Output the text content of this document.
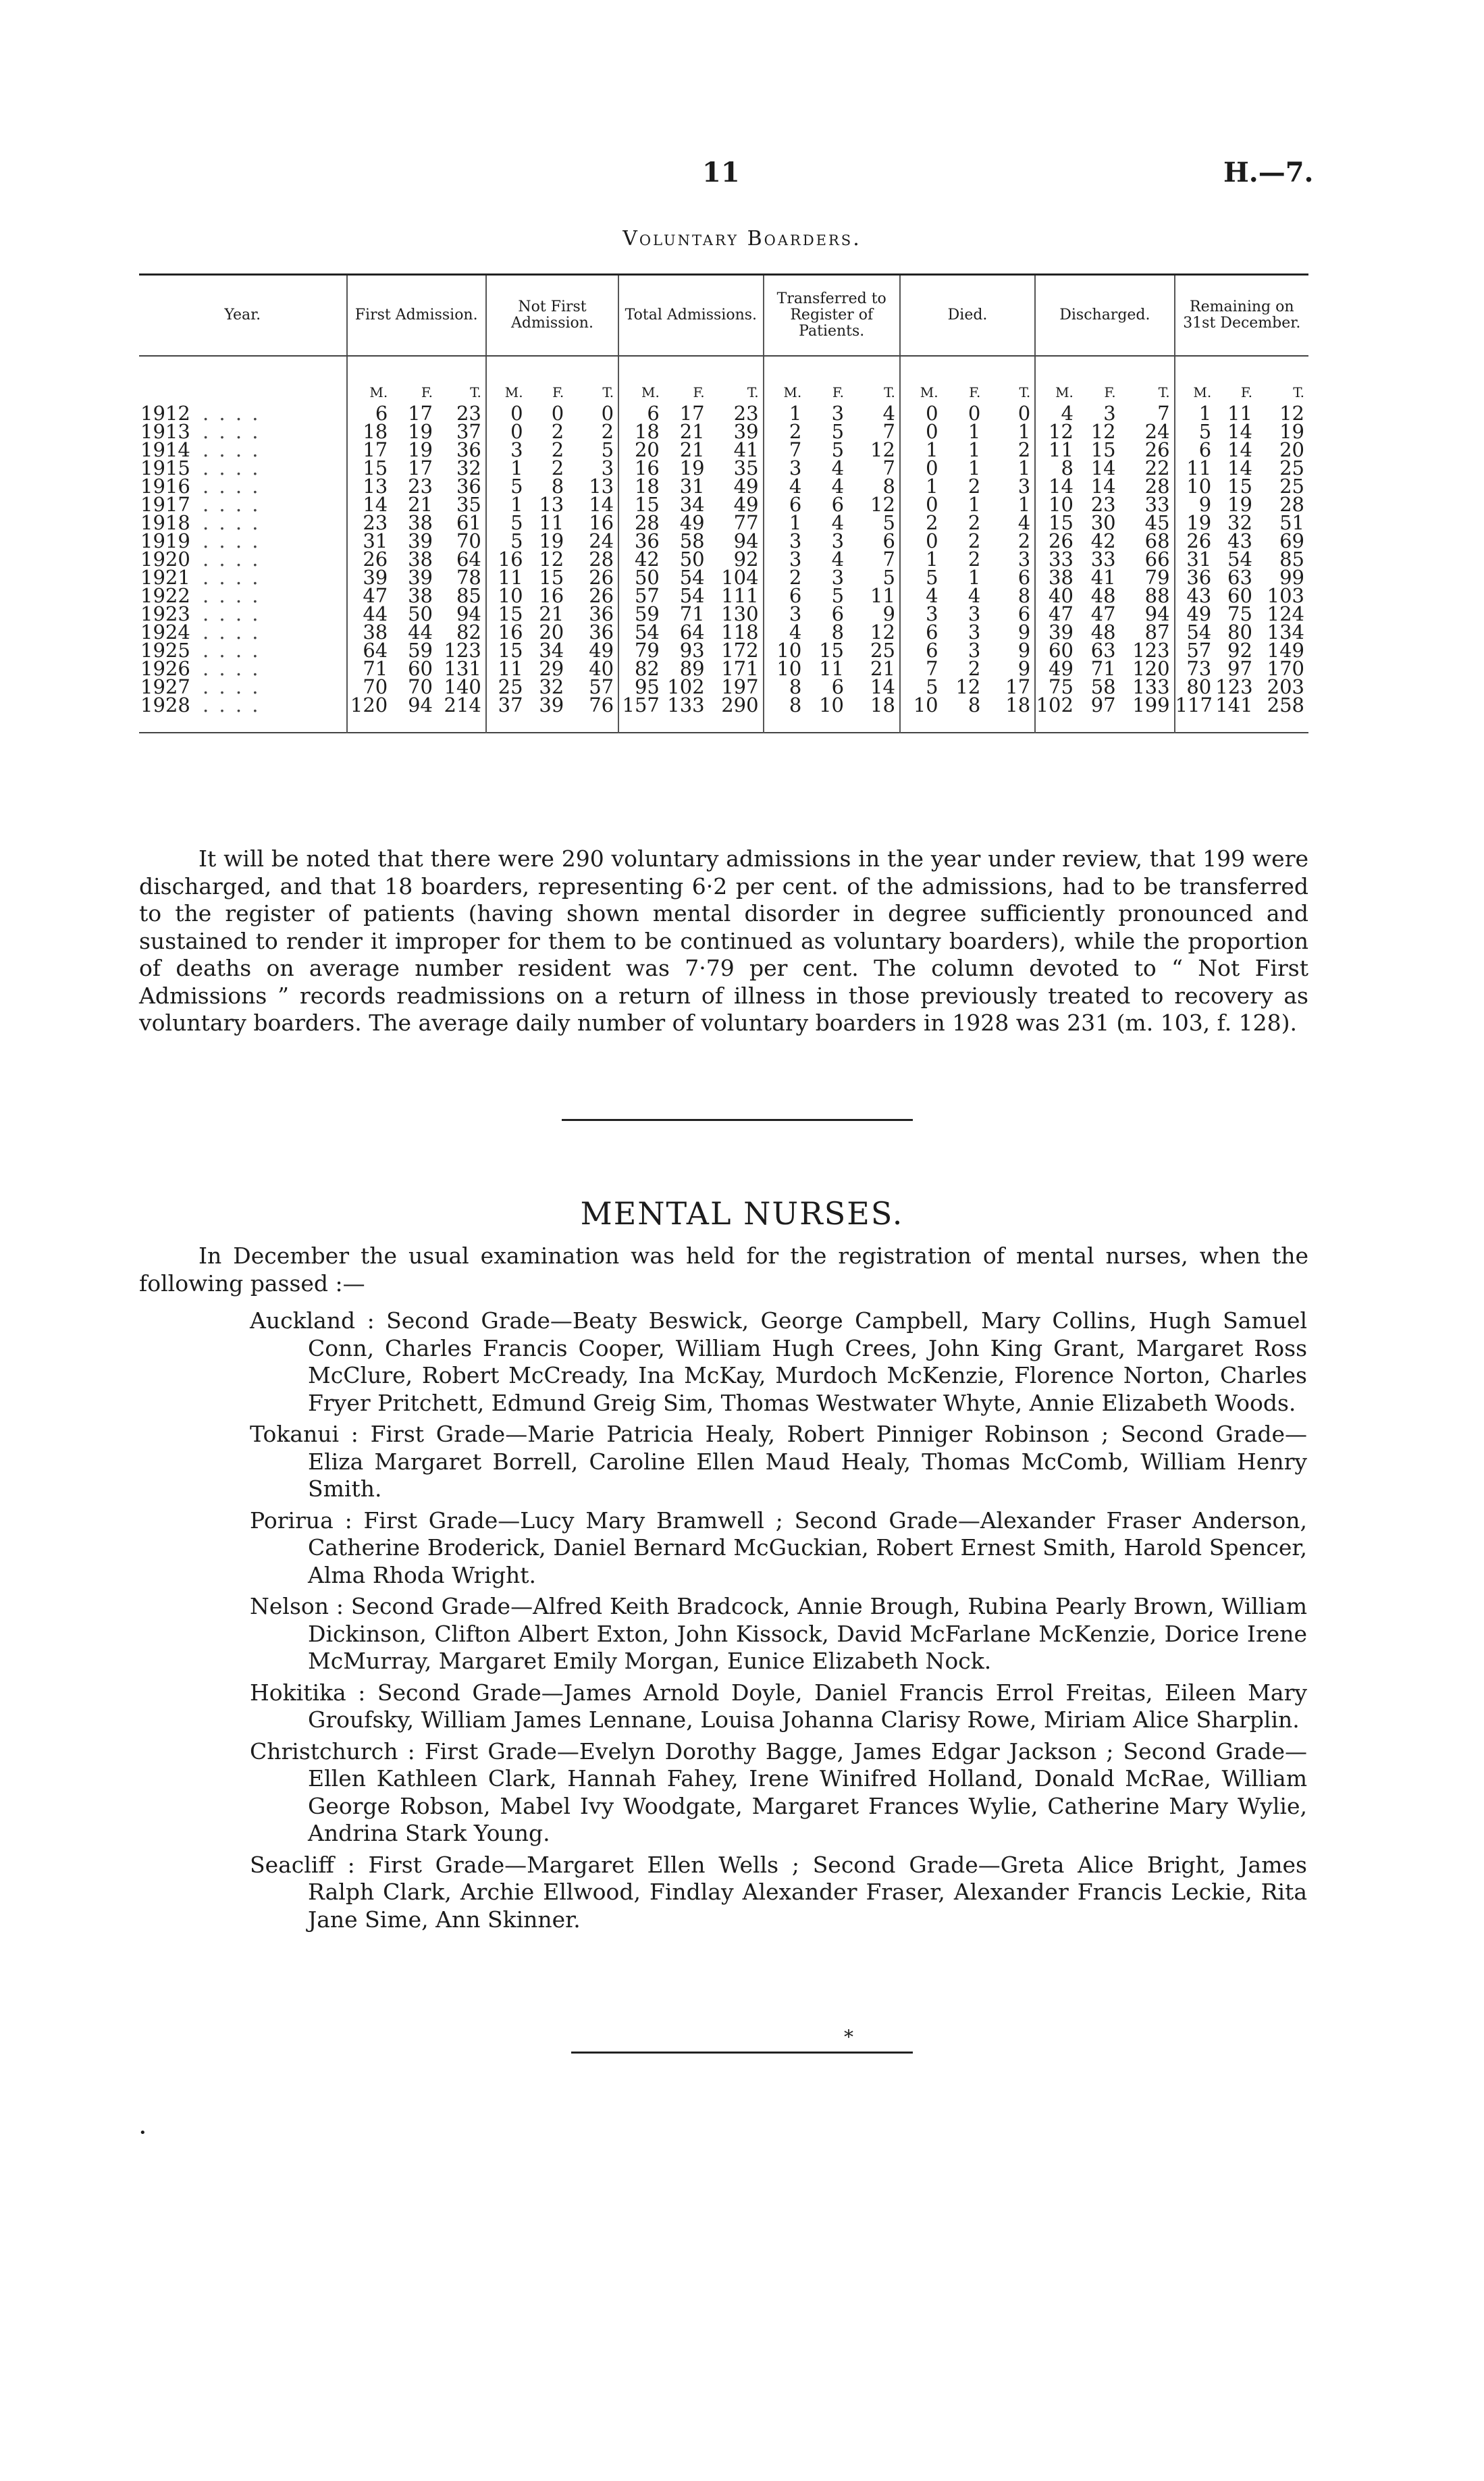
11	H.—7.
Voluntary Boarders.
Year.	First Admission.			Not First Admission.			Total Admissions.			Transferred to Register of Patients.			Died.			Discharged.			Remaining on 31st December.		
	M.	F.	T.	M.	F.	T.	M.	F.	T.	M.	F.	T.	M.	F.	T.	M.	F.	T.	M.	F.	T.
1912 . . . .	6	17	23	0	0	0	6	17	23	1	3	4	0	0	0	4	3	7	1	11	12
1913 . . . .	18	19	37	0	2	2	18	21	39	2	5	7	0	1	1	12	12	24	5	14	19
1914 . . . .	17	19	36	3	2	5	20	21	41	7	5	12	1	1	2	11	15	26	6	14	20
1915 . . . .	15	17	32	1	2	3	16	19	35	3	4	7	0	1	1	8	14	22	11	14	25
1916 . . . .	13	23	36	5	8	13	18	31	49	4	4	8	1	2	3	14	14	28	10	15	25
1917 . . . .	14	21	35	1	13	14	15	34	49	6	6	12	0	1	1	10	23	33	9	19	28
1918 . . . .	23	38	61	5	11	16	28	49	77	1	4	5	2	2	4	15	30	45	19	32	51
1919 . . . .	31	39	70	5	19	24	36	58	94	3	3	6	0	2	2	26	42	68	26	43	69
1920 . . . .	26	38	64	16	12	28	42	50	92	3	4	7	1	2	3	33	33	66	31	54	85
1921 . . . .	39	39	78	11	15	26	50	54	104	2	3	5	5	1	6	38	41	79	36	63	99
1922 . . . .	47	38	85	10	16	26	57	54	111	6	5	11	4	4	8	40	48	88	43	60	103
1923 . . . .	44	50	94	15	21	36	59	71	130	3	6	9	3	3	6	47	47	94	49	75	124
1924 . . . .	38	44	82	16	20	36	54	64	118	4	8	12	6	3	9	39	48	87	54	80	134
1925 . . . .	64	59	123	15	34	49	79	93	172	10	15	25	6	3	9	60	63	123	57	92	149
1926 . . . .	71	60	131	11	29	40	82	89	171	10	11	21	7	2	9	49	71	120	73	97	170
1927 . . . .	70	70	140	25	32	57	95	102	197	8	6	14	5	12	17	75	58	133	80	123	203
1928 . . . .	120	94	214	37	39	76	157	133	290	8	10	18	10	8	18	102	97	199	117	141	258

It will be noted that there were 290 voluntary admissions in the year under review, that 199 were discharged, and that 18 boarders, representing 6·2 per cent. of the admissions, had to be transferred to the register of patients (having shown mental disorder in degree sufficiently pronounced and sustained to render it improper for them to be continued as voluntary boarders), while the proportion of deaths on average number resident was 7·79 per cent. The column devoted to “ Not First Admissions ” records readmissions on a return of illness in those previously treated to recovery as voluntary boarders. The average daily number of voluntary boarders in 1928 was 231 (m. 103, f. 128).

MENTAL NURSES.

In December the usual examination was held for the registration of mental nurses, when the following passed :—

Auckland : Second Grade—Beaty Beswick, George Campbell, Mary Collins, Hugh Samuel Conn, Charles Francis Cooper, William Hugh Crees, John King Grant, Margaret Ross McClure, Robert McCready, Ina McKay, Murdoch McKenzie, Florence Norton, Charles Fryer Pritchett, Edmund Greig Sim, Thomas Westwater Whyte, Annie Elizabeth Woods.

Tokanui : First Grade—Marie Patricia Healy, Robert Pinniger Robinson ; Second Grade—Eliza Margaret Borrell, Caroline Ellen Maud Healy, Thomas McComb, William Henry Smith.

Porirua : First Grade—Lucy Mary Bramwell ; Second Grade—Alexander Fraser Anderson, Catherine Broderick, Daniel Bernard McGuckian, Robert Ernest Smith, Harold Spencer, Alma Rhoda Wright.

Nelson : Second Grade—Alfred Keith Bradcock, Annie Brough, Rubina Pearly Brown, William Dickinson, Clifton Albert Exton, John Kissock, David McFarlane McKenzie, Dorice Irene McMurray, Margaret Emily Morgan, Eunice Elizabeth Nock.

Hokitika : Second Grade—James Arnold Doyle, Daniel Francis Errol Freitas, Eileen Mary Groufsky, William James Lennane, Louisa Johanna Clarisy Rowe, Miriam Alice Sharplin.

Christchurch : First Grade—Evelyn Dorothy Bagge, James Edgar Jackson ; Second Grade—Ellen Kathleen Clark, Hannah Fahey, Irene Winifred Holland, Donald McRae, William George Robson, Mabel Ivy Woodgate, Margaret Frances Wylie, Catherine Mary Wylie, Andrina Stark Young.

Seacliff : First Grade—Margaret Ellen Wells ; Second Grade—Greta Alice Bright, James Ralph Clark, Archie Ellwood, Findlay Alexander Fraser, Alexander Francis Leckie, Rita Jane Sime, Ann Skinner.

*
•
